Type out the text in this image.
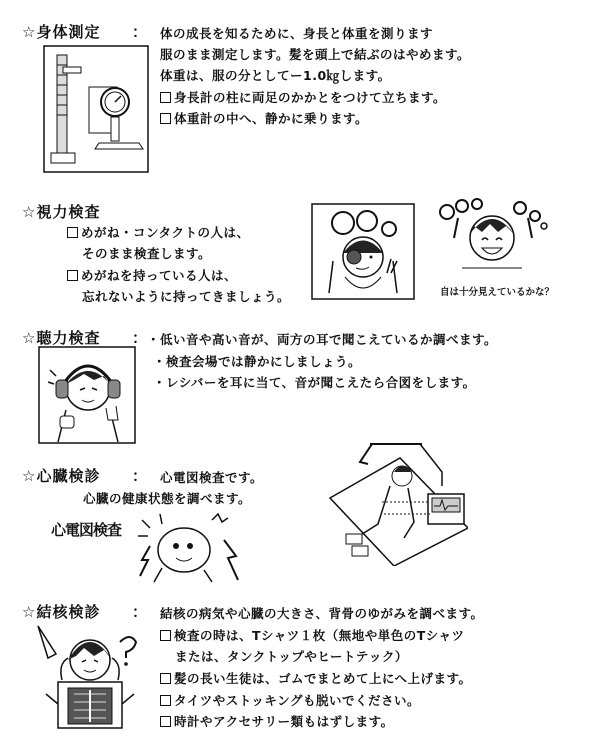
☆身体測定 ： 体の成長を知るために、身長と体重を測ります
服のまま測定します。髪を頭上で結ぶのはやめます。
体重は、服の分としてー1.0㎏します。
身長計の柱に両足のかかとをつけて立ちます。
体重計の中へ、静かに乗ります。
☆視力検査
めがね・コンタクトの人は、
そのまま検査します。
めがねを持っている人は、
忘れないように持ってきましょう。	自は十分見えているかな？
☆聴力検査 ： ・低い音や高い音が、両方の耳で聞こえているか調べます。
・検査会場では静かにしましょう。
・レシバーを耳に当て、音が聞こえたら合図をします。
☆心臓検診 ： 心電図検査です。
心臓の健康状態を調べます。
心電図検査
☆結核検診 ： 結核の病気や心臓の大きさ、背骨のゆがみを調べます。
検査の時は、Tシャツ１枚（無地や単色のTシャツ
または、タンクトップやヒートテック）
髪の長い生徒は、ゴムでまとめて上にへ上げます。
タイツやストッキングも脱いでください。
時計やアクセサリー類もはずします。
